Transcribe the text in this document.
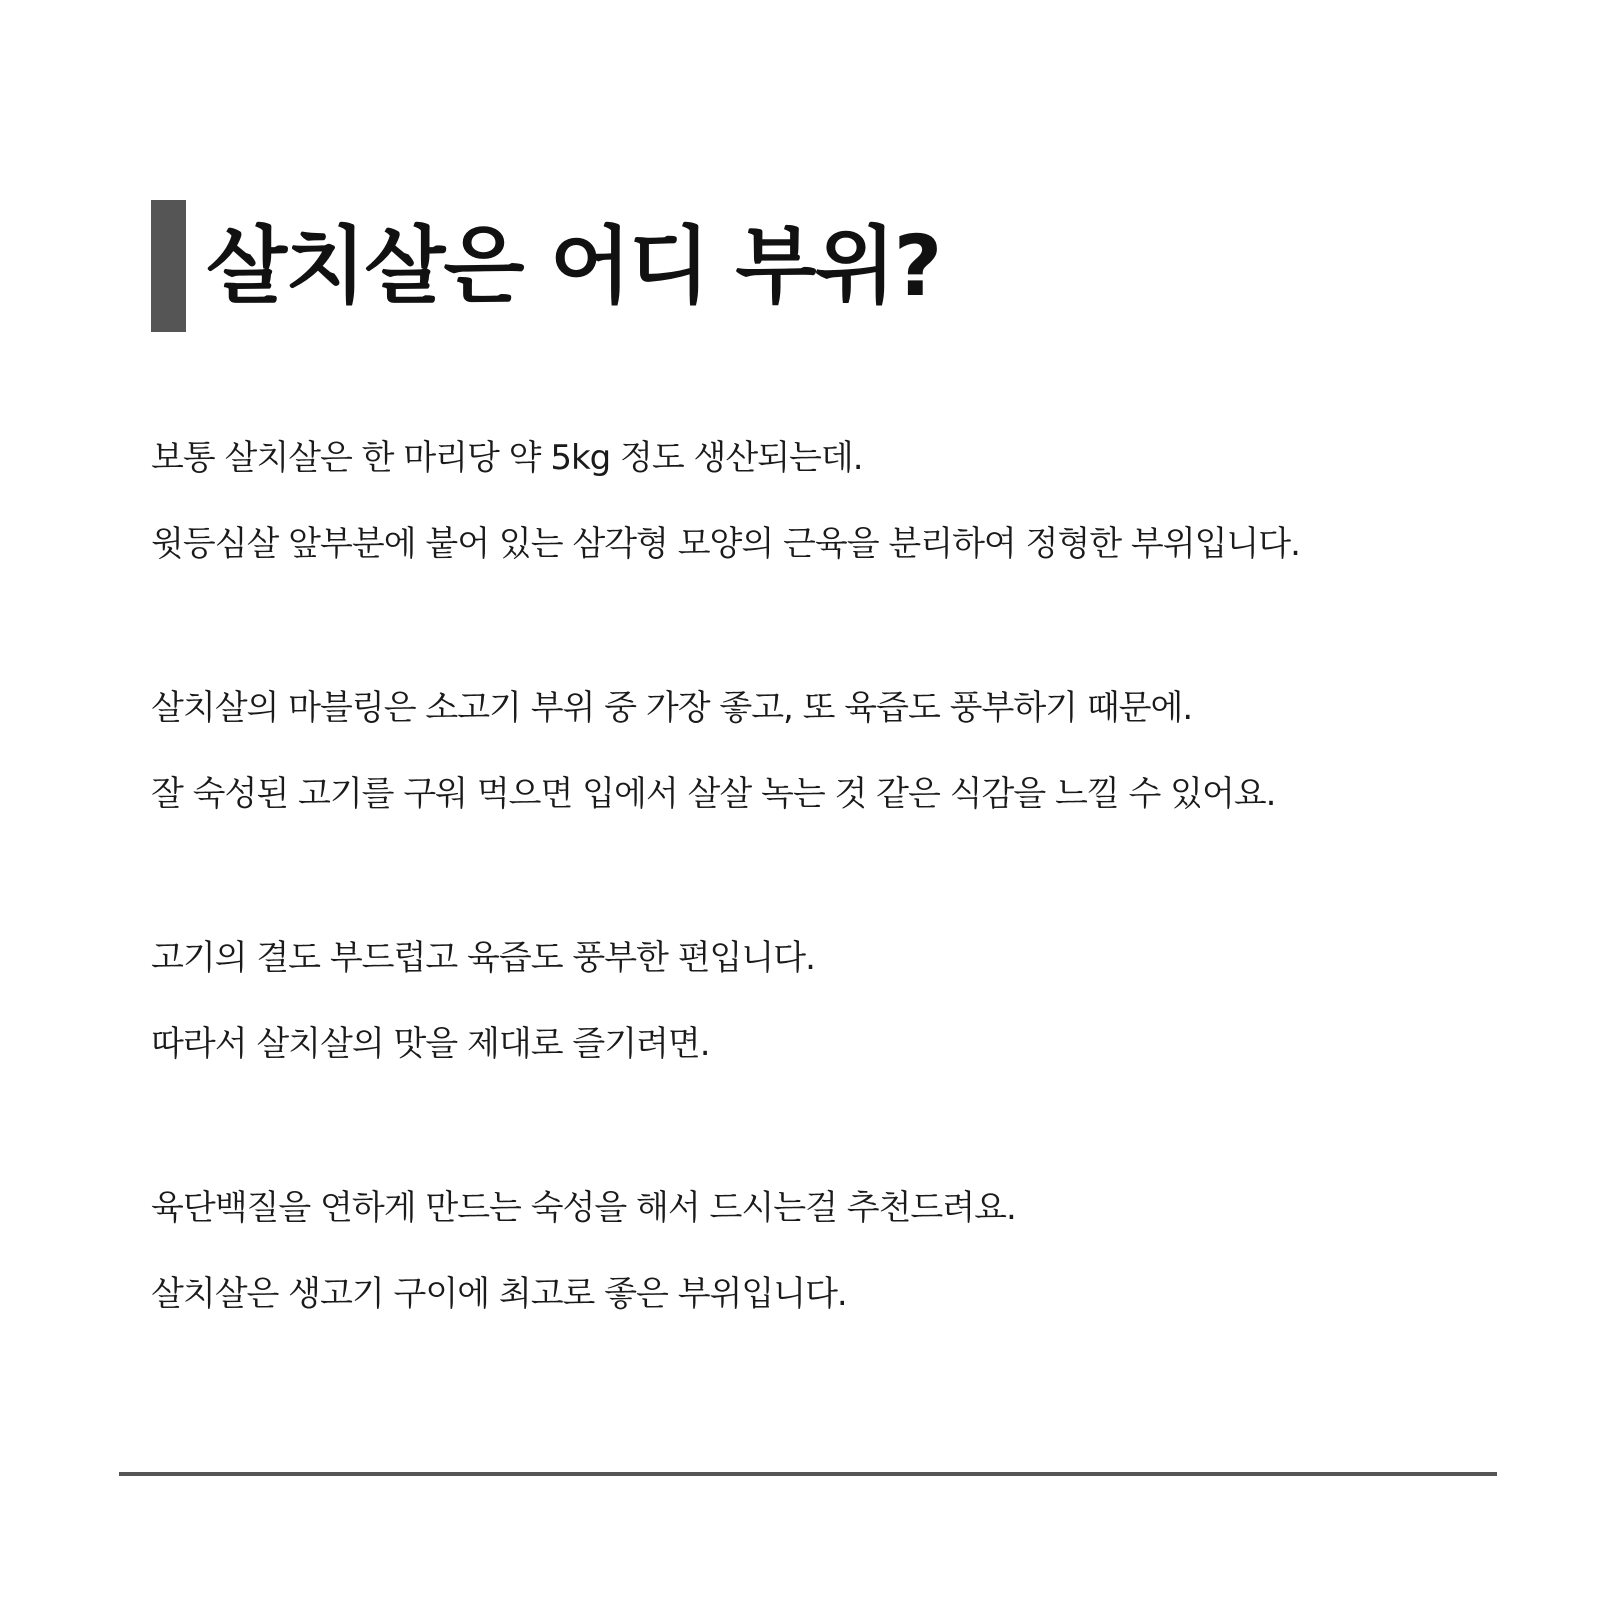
살치살은 어디 부위?

보통 살치살은 한 마리당 약 5kg 정도 생산되는데.

윗등심살 앞부분에 붙어 있는 삼각형 모양의 근육을 분리하여 정형한 부위입니다.

살치살의 마블링은 소고기 부위 중 가장 좋고, 또 육즙도 풍부하기 때문에.

잘 숙성된 고기를 구워 먹으면 입에서 살살 녹는 것 같은 식감을 느낄 수 있어요.

고기의 결도 부드럽고 육즙도 풍부한 편입니다.

따라서 살치살의 맛을 제대로 즐기려면.

육단백질을 연하게 만드는 숙성을 해서 드시는걸 추천드려요.

살치살은 생고기 구이에 최고로 좋은 부위입니다.
